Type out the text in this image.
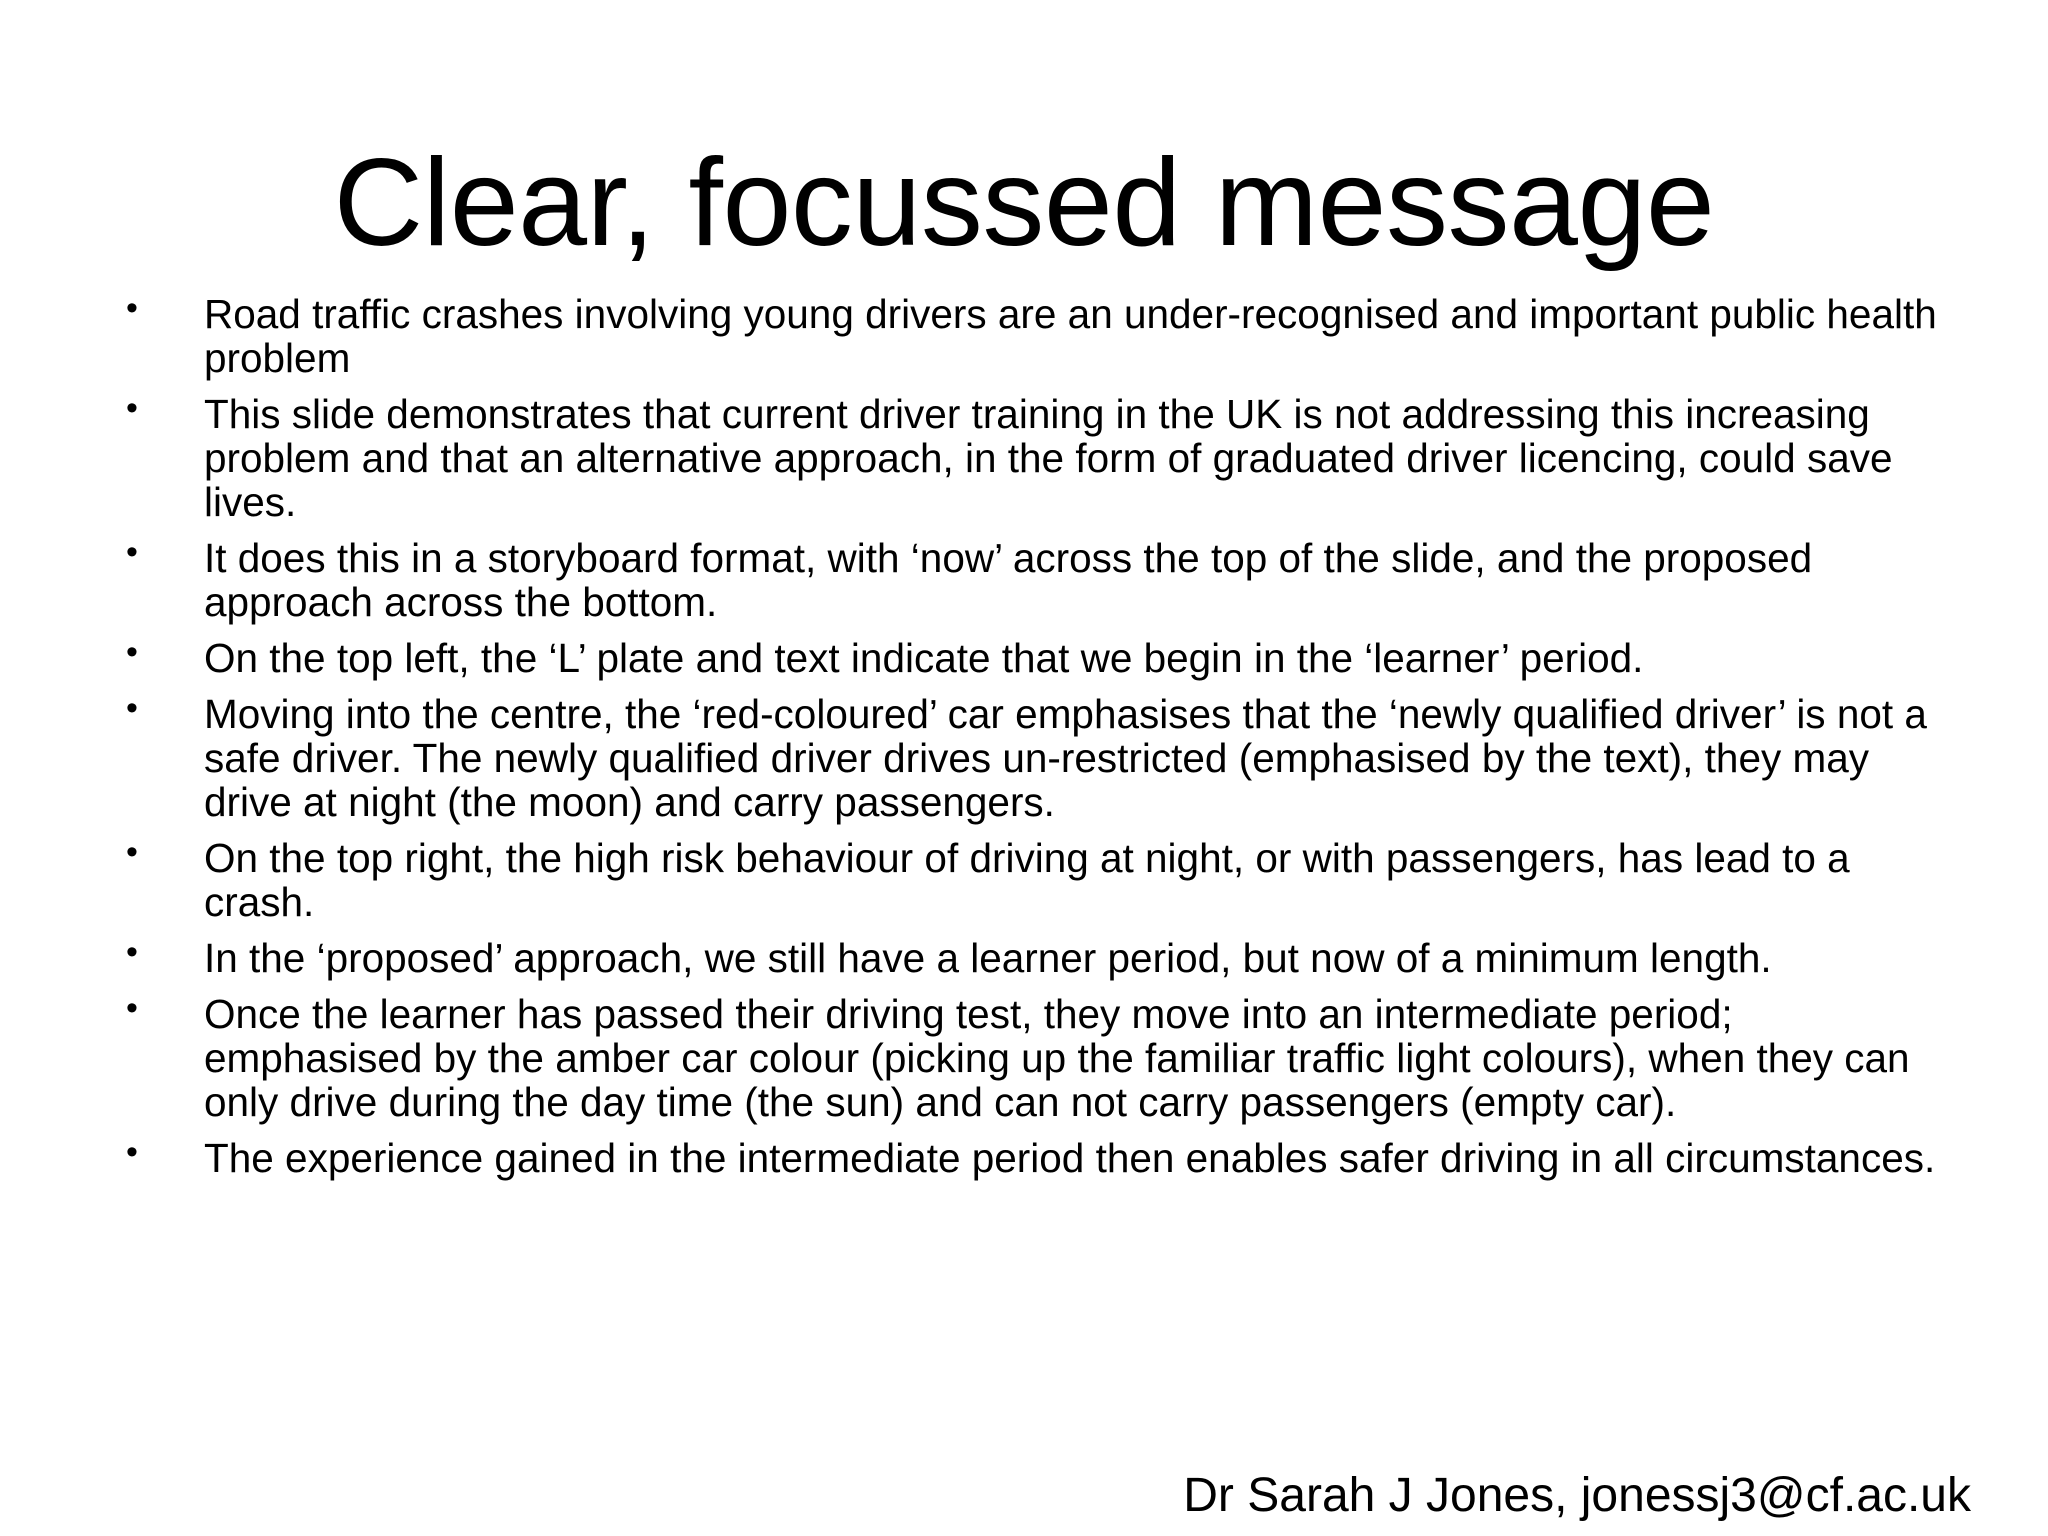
Clear, focussed message
• Road traffic crashes involving young drivers are an under-recognised and important public health problem
• This slide demonstrates that current driver training in the UK is not addressing this increasing problem and that an alternative approach, in the form of graduated driver licencing, could save lives.
• It does this in a storyboard format, with ‘now’ across the top of the slide, and the proposed approach across the bottom.
• On the top left, the ‘L’ plate and text indicate that we begin in the ‘learner’ period.
• Moving into the centre, the ‘red-coloured’ car emphasises that the ‘newly qualified driver’ is not a safe driver. The newly qualified driver drives un-restricted (emphasised by the text), they may drive at night (the moon) and carry passengers.
• On the top right, the high risk behaviour of driving at night, or with passengers, has lead to a crash.
• In the ‘proposed’ approach, we still have a learner period, but now of a minimum length.
• Once the learner has passed their driving test, they move into an intermediate period; emphasised by the amber car colour (picking up the familiar traffic light colours), when they can only drive during the day time (the sun) and can not carry passengers (empty car).
• The experience gained in the intermediate period then enables safer driving in all circumstances.
Dr Sarah J Jones, jonessj3@cf.ac.uk
